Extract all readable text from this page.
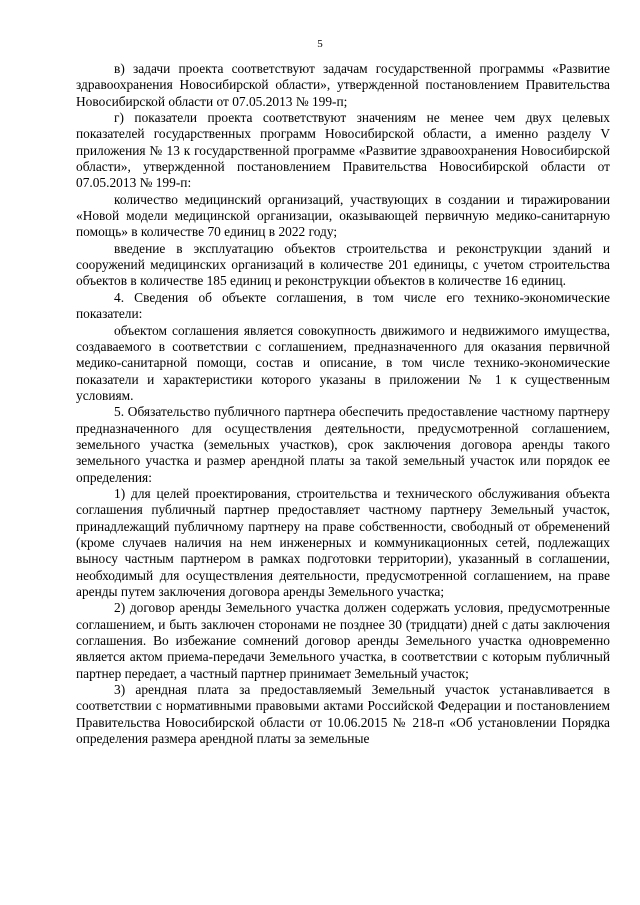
5

в) задачи проекта соответствуют задачам государственной программы «Развитие здравоохранения Новосибирской области», утвержденной постановлением Правительства Новосибирской области от 07.05.2013 № 199-п;

г) показатели проекта соответствуют значениям не менее чем двух целевых показателей государственных программ Новосибирской области, а именно разделу V приложения № 13 к государственной программе «Развитие здравоохранения Новосибирской области», утвержденной постановлением Правительства Новосибирской области от 07.05.2013 № 199-п:

количество медицинский организаций, участвующих в создании и тиражировании «Новой модели медицинской организации, оказывающей первичную медико-санитарную помощь» в количестве 70 единиц в 2022 году;

введение в эксплуатацию объектов строительства и реконструкции зданий и сооружений медицинских организаций в количестве 201 единицы, с учетом строительства объектов в количестве 185 единиц и реконструкции объектов в количестве 16 единиц.

4. Сведения об объекте соглашения, в том числе его технико-экономические показатели:

объектом соглашения является совокупность движимого и недвижимого имущества, создаваемого в соответствии с соглашением, предназначенного для оказания первичной медико-санитарной помощи, состав и описание, в том числе технико-экономические показатели и характеристики которого указаны в приложении № 1 к существенным условиям.

5. Обязательство публичного партнера обеспечить предоставление частному партнеру предназначенного для осуществления деятельности, предусмотренной соглашением, земельного участка (земельных участков), срок заключения договора аренды такого земельного участка и размер арендной платы за такой земельный участок или порядок ее определения:

1) для целей проектирования, строительства и технического обслуживания объекта соглашения публичный партнер предоставляет частному партнеру Земельный участок, принадлежащий публичному партнеру на праве собственности, свободный от обременений (кроме случаев наличия на нем инженерных и коммуникационных сетей, подлежащих выносу частным партнером в рамках подготовки территории), указанный в соглашении, необходимый для осуществления деятельности, предусмотренной соглашением, на праве аренды путем заключения договора аренды Земельного участка;

2) договор аренды Земельного участка должен содержать условия, предусмотренные соглашением, и быть заключен сторонами не позднее 30 (тридцати) дней с даты заключения соглашения. Во избежание сомнений договор аренды Земельного участка одновременно является актом приема-передачи Земельного участка, в соответствии с которым публичный партнер передает, а частный партнер принимает Земельный участок;

3) арендная плата за предоставляемый Земельный участок устанавливается в соответствии с нормативными правовыми актами Российской Федерации и постановлением Правительства Новосибирской области от 10.06.2015 № 218-п «Об установлении Порядка определения размера арендной платы за земельные
